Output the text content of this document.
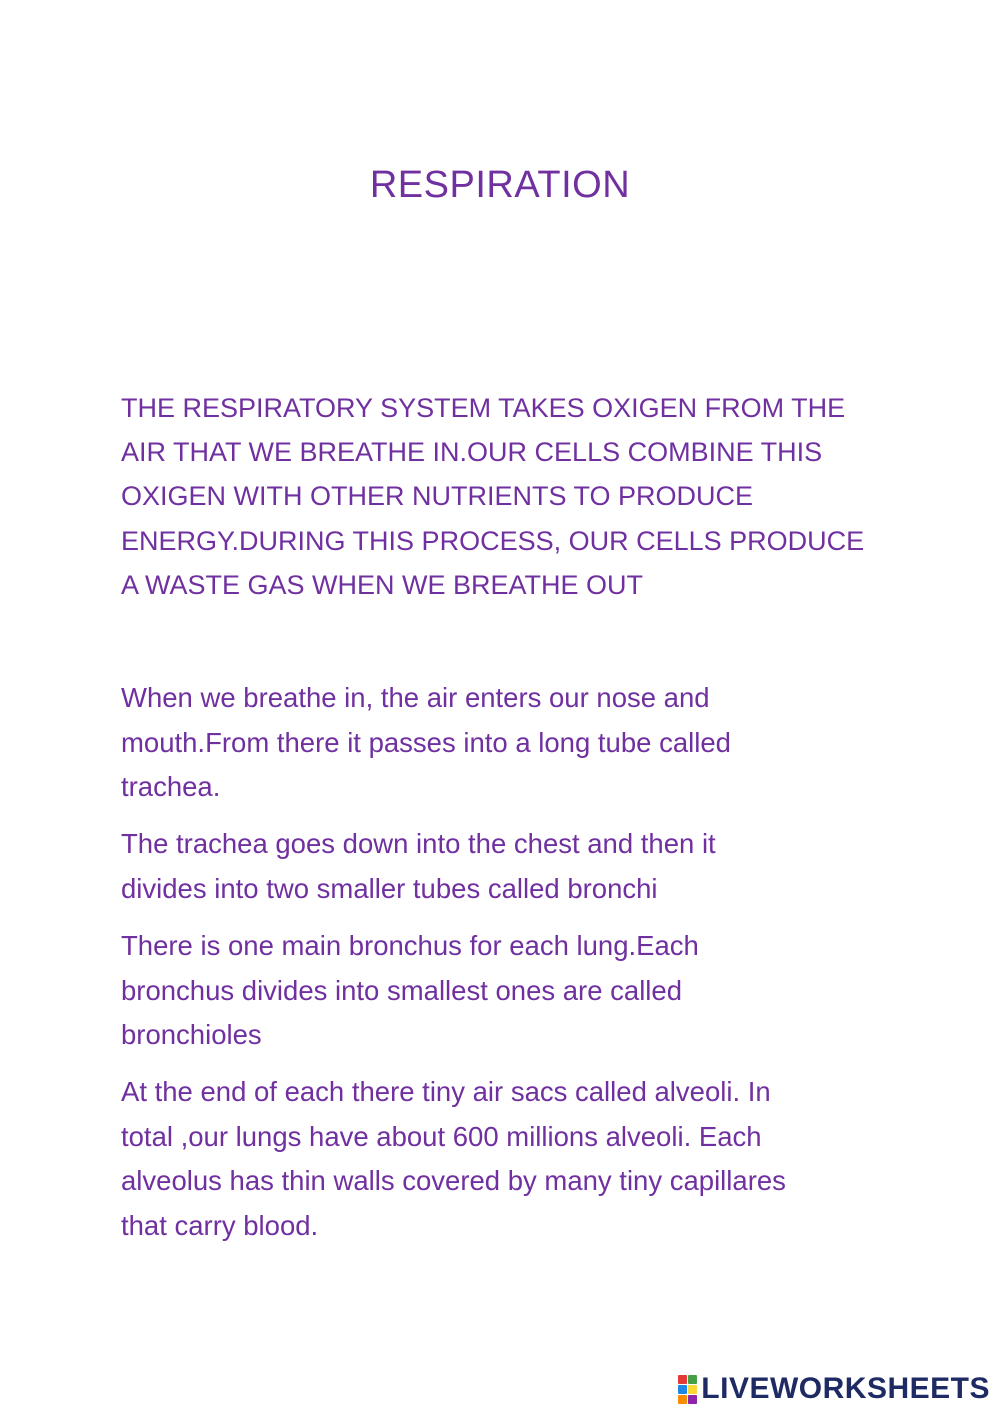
RESPIRATION

THE RESPIRATORY SYSTEM TAKES OXIGEN FROM THE
AIR THAT WE BREATHE IN.OUR CELLS COMBINE THIS
OXIGEN WITH OTHER NUTRIENTS TO PRODUCE
ENERGY.DURING THIS PROCESS, OUR CELLS PRODUCE
A WASTE GAS WHEN WE BREATHE OUT

When we breathe in, the air enters our nose and
mouth.From there it passes into a long tube called
trachea.

The trachea goes down into the chest and then it
divides into two smaller tubes called bronchi

There is one main bronchus for each lung.Each
bronchus divides into smallest ones are called
bronchioles

At the end of each there tiny air sacs called alveoli. In
total ,our lungs have about 600 millions alveoli. Each
alveolus has thin walls covered by many tiny capillares
that carry blood.

LIVEWORKSHEETS
